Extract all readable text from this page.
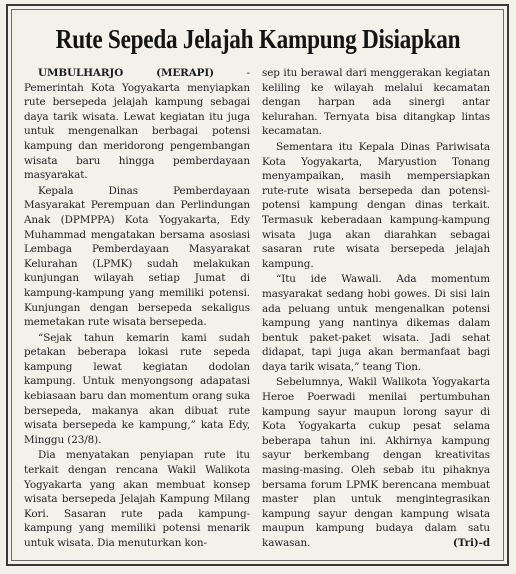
Rute Sepeda Jelajah Kampung Disiapkan

UMBULHARJO (MERAPI) - Pemerintah Kota Yogyakarta menyiapkan rute bersepeda jelajah kampung sebagai daya tarik wisata. Lewat kegiatan itu juga untuk mengenalkan berbagai potensi kampung dan meridorong pengembangan wisata baru hingga pemberdayaan masyarakat.

Kepala Dinas Pemberdayaan Masyarakat Perempuan dan Perlindungan Anak (DPMPPA) Kota Yogyakarta, Edy Muhammad mengatakan bersama asosiasi Lembaga Pemberdayaan Masyarakat Kelurahan (LPMK) sudah melakukan kunjungan wilayah setiap Jumat di kampung-kampung yang memiliki potensi. Kunjungan dengan bersepeda sekaligus memetakan rute wisata bersepeda.

“Sejak tahun kemarin kami sudah petakan beberapa lokasi rute sepeda kampung lewat kegiatan dodolan kampung. Untuk menyongsong adapatasi kebiasaan baru dan momentum orang suka bersepeda, makanya akan dibuat rute wisata bersepeda ke kampung,” kata Edy, Minggu (23/8).

Dia menyatakan penyiapan rute itu terkait dengan rencana Wakil Walikota Yogyakarta yang akan membuat konsep wisata bersepeda Jelajah Kampung Milang Kori. Sasaran rute pada kampung-kampung yang memiliki potensi menarik untuk wisata. Dia menuturkan kon-

sep itu berawal dari menggerakan kegiatan keliling ke wilayah melalui kecamatan dengan harpan ada sinergi antar kelurahan. Ternyata bisa ditangkap lintas kecamatan.

Sementara itu Kepala Dinas Pariwisata Kota Yogyakarta, Maryustion Tonang menyampaikan, masih mempersiapkan rute-rute wisata bersepeda dan potensi-potensi kampung dengan dinas terkait. Termasuk keberadaan kampung-kampung wisata juga akan diarahkan sebagai sasaran rute wisata bersepeda jelajah kampung.

“Itu ide Wawali. Ada momentum masyarakat sedang hobi gowes. Di sisi lain ada peluang untuk mengenalkan potensi kampung yang nantinya dikemas dalam bentuk paket-paket wisata. Jadi sehat didapat, tapi juga akan bermanfaat bagi daya tarik wisata,” teang Tion.

Sebelumnya, Wakil Walikota Yogyakarta Heroe Poerwadi menilai pertumbuhan kampung sayur maupun lorong sayur di Kota Yogyakarta cukup pesat selama beberapa tahun ini. Akhirnya kampung sayur berkembang dengan kreativitas masing-masing. Oleh sebab itu pihaknya bersama forum LPMK berencana membuat master plan untuk mengintegrasikan kampung sayur dengan kampung wisata maupun kampung budaya dalam satu kawasan.	(Tri)-d
